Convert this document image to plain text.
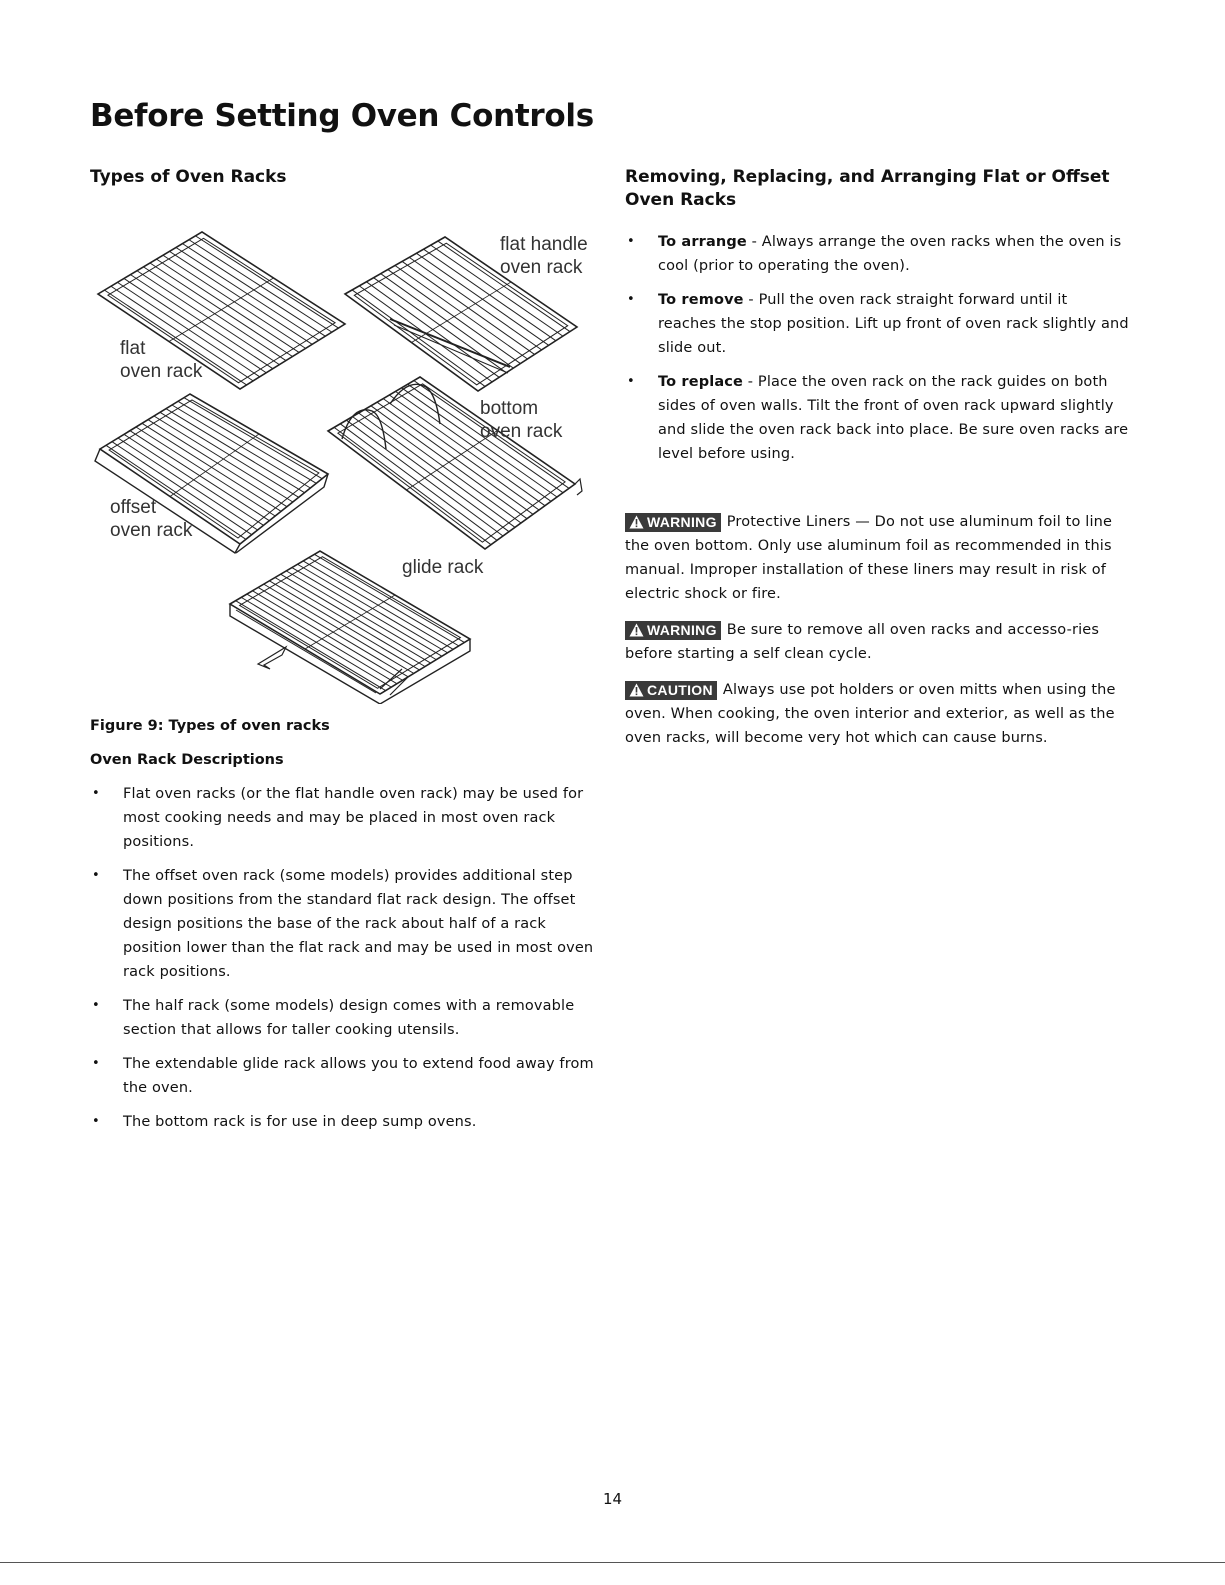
Before Setting Oven Controls
Types of Oven Racks
flat handle
oven rack
flat
oven rack
bottom
oven rack
offset
oven rack
glide rack

Figure 9: Types of oven racks

Oven Rack Descriptions

• Flat oven racks (or the flat handle oven rack) may be used for most cooking needs and may be placed in most oven rack positions.
• The offset oven rack (some models) provides additional step down positions from the standard flat rack design. The offset design positions the base of the rack about half of a rack position lower than the flat rack and may be used in most oven rack positions.
• The half rack (some models) design comes with a removable section that allows for taller cooking utensils.
• The extendable glide rack allows you to extend food away from the oven.
• The bottom rack is for use in deep sump ovens.
Removing, Replacing, and Arranging Flat or Offset Oven Racks
• To arrange - Always arrange the oven racks when the oven is cool (prior to operating the oven).
• To remove - Pull the oven rack straight forward until it reaches the stop position. Lift up front of oven rack slightly and slide out.
• To replace - Place the oven rack on the rack guides on both sides of oven walls. Tilt the front of oven rack upward slightly and slide the oven rack back into place. Be sure oven racks are level before using.

WARNING Protective Liners — Do not use aluminum foil to line the oven bottom. Only use aluminum foil as recommended in this manual. Improper installation of these liners may result in risk of electric shock or fire.

WARNING Be sure to remove all oven racks and accesso-ries before starting a self clean cycle.

CAUTION Always use pot holders or oven mitts when using the oven. When cooking, the oven interior and exterior, as well as the oven racks, will become very hot which can cause burns.

14
